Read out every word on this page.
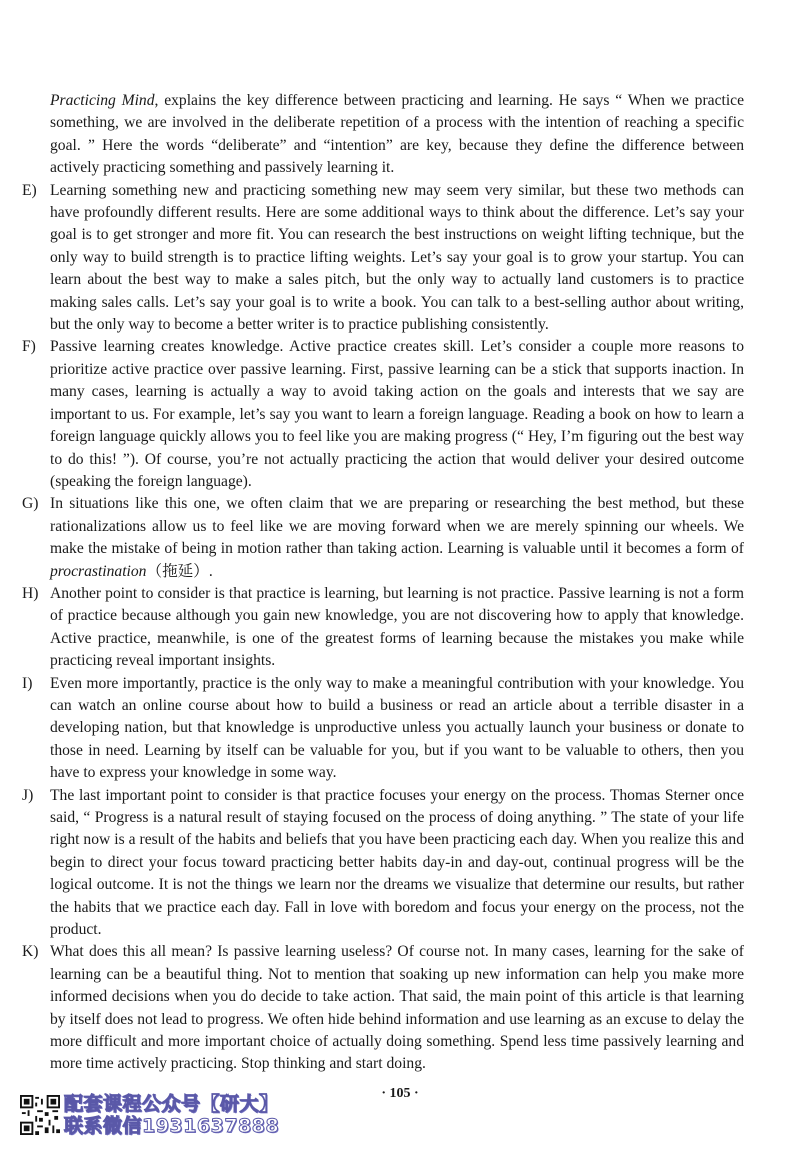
Practicing Mind, explains the key difference between practicing and learning. He says “ When we practice something, we are involved in the deliberate repetition of a process with the intention of reaching a specific goal. ” Here the words “deliberate” and “intention” are key, because they define the difference between actively practicing something and passively learning it.
E) Learning something new and practicing something new may seem very similar, but these two methods can have profoundly different results. Here are some additional ways to think about the difference. Let’s say your goal is to get stronger and more fit. You can research the best instructions on weight lifting technique, but the only way to build strength is to practice lifting weights. Let’s say your goal is to grow your startup. You can learn about the best way to make a sales pitch, but the only way to actually land customers is to practice making sales calls. Let’s say your goal is to write a book. You can talk to a best-selling author about writing, but the only way to become a better writer is to practice publishing consistently.
F) Passive learning creates knowledge. Active practice creates skill. Let’s consider a couple more reasons to prioritize active practice over passive learning. First, passive learning can be a stick that supports inaction. In many cases, learning is actually a way to avoid taking action on the goals and interests that we say are important to us. For example, let’s say you want to learn a foreign language. Reading a book on how to learn a foreign language quickly allows you to feel like you are making progress (“ Hey, I’m figuring out the best way to do this! ”). Of course, you’re not actually practicing the action that would deliver your desired outcome (speaking the foreign language).
G) In situations like this one, we often claim that we are preparing or researching the best method, but these rationalizations allow us to feel like we are moving forward when we are merely spinning our wheels. We make the mistake of being in motion rather than taking action. Learning is valuable until it becomes a form of procrastination（拖延）.
H) Another point to consider is that practice is learning, but learning is not practice. Passive learning is not a form of practice because although you gain new knowledge, you are not discovering how to apply that knowledge. Active practice, meanwhile, is one of the greatest forms of learning because the mistakes you make while practicing reveal important insights.
I)	Even more importantly, practice is the only way to make a meaningful contribution with your knowledge. You can watch an online course about how to build a business or read an article about a terrible disaster in a developing nation, but that knowledge is unproductive unless you actually launch your business or donate to those in need. Learning by itself can be valuable for you, but if you want to be valuable to others, then you have to express your knowledge in some way.
J)	The last important point to consider is that practice focuses your energy on the process. Thomas Sterner once said, “ Progress is a natural result of staying focused on the process of doing anything. ” The state of your life right now is a result of the habits and beliefs that you have been practicing each day. When you realize this and begin to direct your focus toward practicing better habits day-in and day-out, continual progress will be the logical outcome. It is not the things we learn nor the dreams we visualize that determine our results, but rather the habits that we practice each day. Fall in love with boredom and focus your energy on the process, not the product.
K) What does this all mean? Is passive learning useless? Of course not. In many cases, learning for the sake of learning can be a beautiful thing. Not to mention that soaking up new information can help you make more informed decisions when you do decide to take action. That said, the main point of this article is that learning by itself does not lead to progress. We often hide behind information and use learning as an excuse to delay the more difficult and more important choice of actually doing something. Spend less time passively learning and more time actively practicing. Stop thinking and start doing.
· 105 ·
配套课程公众号【研大】
联系微信1931637888
